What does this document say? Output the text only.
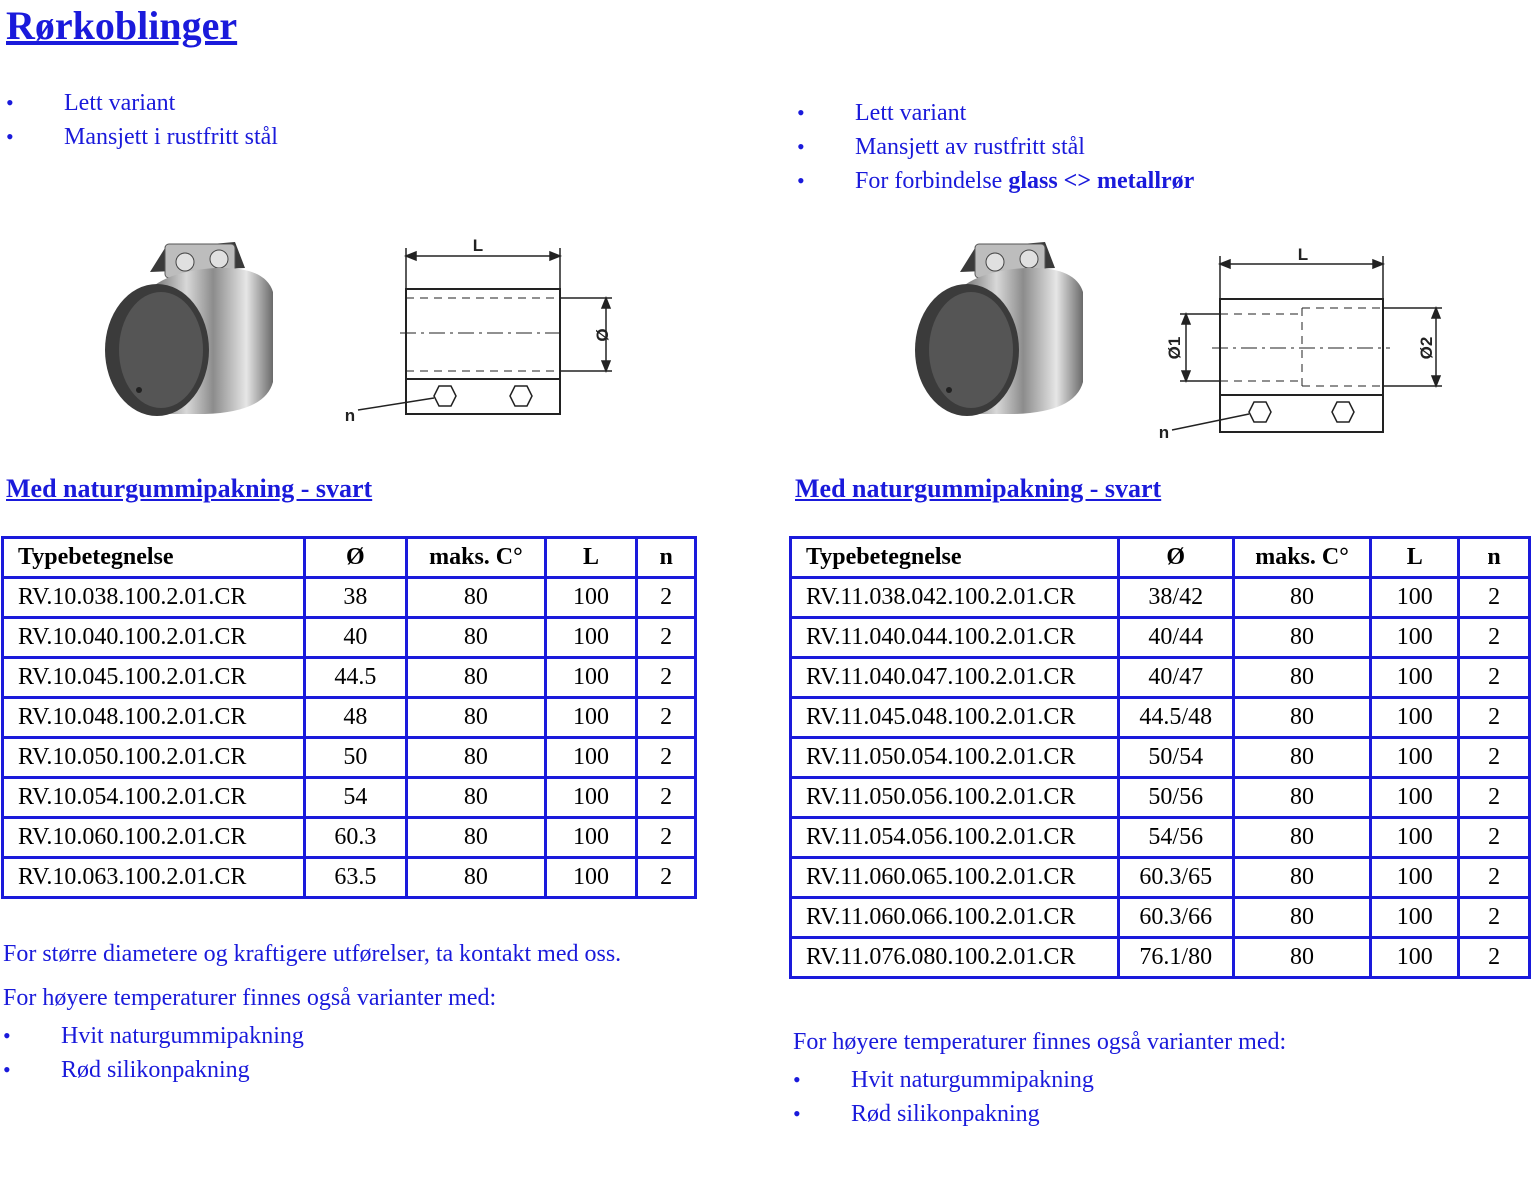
Rørkoblinger
• Lett variant
• Mansjett i rustfritt stål
• Lett variant
• Mansjett av rustfritt stål
• For forbindelse glass <> metallrør
L
Ø
n
L
Ø1	Ø2
n
Med naturgummipakning - svart	Med naturgummipakning - svart
Typebetegnelse	Ø	maks. C°	L	n
RV.10.038.100.2.01.CR	38	80	100	2
RV.10.040.100.2.01.CR	40	80	100	2
RV.10.045.100.2.01.CR	44.5	80	100	2
RV.10.048.100.2.01.CR	48	80	100	2
RV.10.050.100.2.01.CR	50	80	100	2
RV.10.054.100.2.01.CR	54	80	100	2
RV.10.060.100.2.01.CR	60.3	80	100	2
RV.10.063.100.2.01.CR	63.5	80	100	2
Typebetegnelse	Ø	maks. C°	L	n
RV.11.038.042.100.2.01.CR	38/42	80	100	2
RV.11.040.044.100.2.01.CR	40/44	80	100	2
RV.11.040.047.100.2.01.CR	40/47	80	100	2
RV.11.045.048.100.2.01.CR	44.5/48	80	100	2
RV.11.050.054.100.2.01.CR	50/54	80	100	2
RV.11.050.056.100.2.01.CR	50/56	80	100	2
RV.11.054.056.100.2.01.CR	54/56	80	100	2
RV.11.060.065.100.2.01.CR	60.3/65	80	100	2
RV.11.060.066.100.2.01.CR	60.3/66	80	100	2
RV.11.076.080.100.2.01.CR	76.1/80	80	100	2
For større diametere og kraftigere utførelser, ta kontakt med oss.
For høyere temperaturer finnes også varianter med:
• Hvit naturgummipakning
• Rød silikonpakning
For høyere temperaturer finnes også varianter med:
• Hvit naturgummipakning
• Rød silikonpakning
